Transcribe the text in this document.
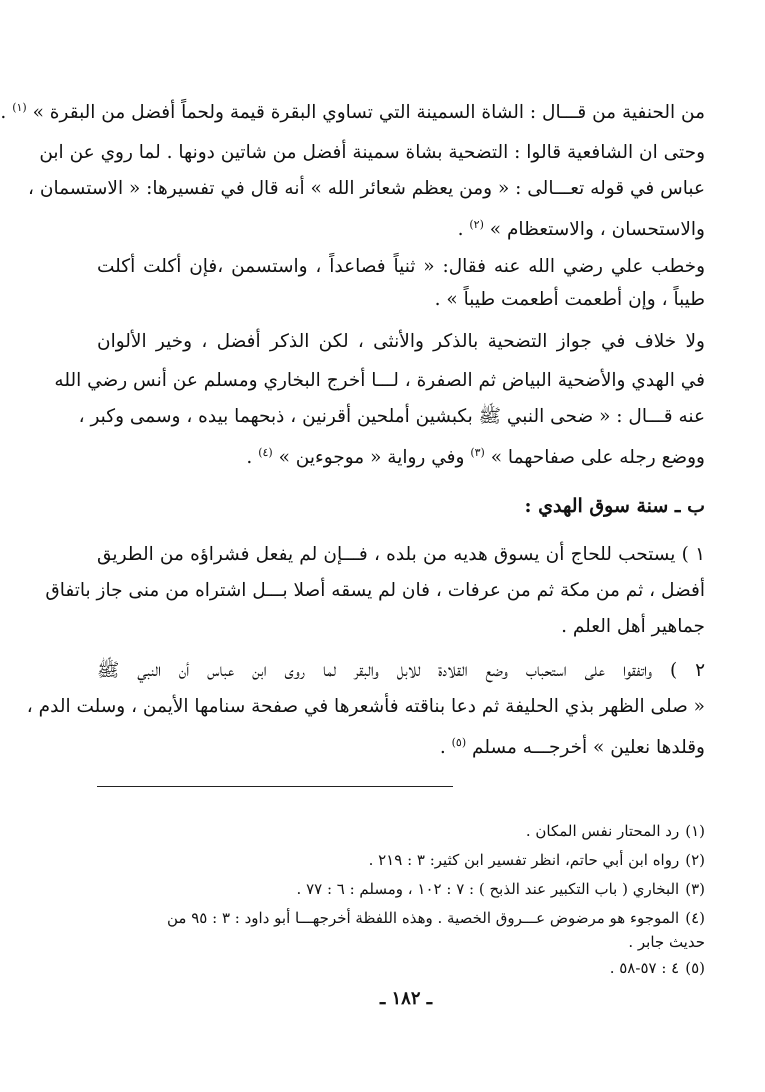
من الحنفية من قـــال : الشاة السمينة التي تساوي البقرة قيمة ولحماً أفضل من البقرة » $^{(١)}$ .
وحتى ان الشافعية قالوا : التضحية بشاة سمينة أفضل من شاتين دونها . لما روي عن ابن
عباس في قوله تعـــالى : « ومن يعظم شعائر الله » أنه قال في تفسيرها: « الاستسمان ،
والاستحسان ، والاستعظام » $^{(٢)}$ .
وخطب علي رضي الله عنه فقال: « ثنياً فصاعداً ، واستسمن ،فإن أكلت أكلت
طيباً ، وإن أطعمت أطعمت طيباً » .
ولا خلاف في جواز التضحية بالذكر والأنثى ، لكن الذكر أفضل ، وخير الألوان
في الهدي والأضحية البياض ثم الصفرة ، لـــا أخرج البخاري ومسلم عن أنس رضي الله
عنه قـــال : « ضحى النبي ﷺ بكبشين أملحين أقرنين ، ذبحهما بيده ، وسمى وكبر ،
ووضع رجله على صفاحهما » $^{(٣)}$ وفي رواية « موجوءين » $^{(٤)}$ .
ب ـ سنة سوق الهدي :
١ ) يستحب للحاج أن يسوق هديه من بلده ، فـــإن لم يفعل فشراؤه من الطريق
أفضل ، ثم من مكة ثم من عرفات ، فان لم يسقه أصلا بـــل اشتراه من منى جاز باتفاق
جماهير أهل العلم .
٢ ) واتفقوا على استحباب وضع القلادة للابل والبقر لما روى ابن عباس أن النبي ﷺ
« صلى الظهر بذي الحليفة ثم دعا بناقته فأشعرها في صفحة سنامها الأيمن ، وسلت الدم ،
وقلدها نعلين » أخرجـــه مسلم $^{(٥)}$ .
(١)رد المحتار نفس المكان .
(٢)رواه ابن أبي حاتم، انظر تفسير ابن كثير: ٣ : ٢١٩ .
(٣)البخاري ( باب التكبير عند الذبح ) : ٧ : ١٠٢ ، ومسلم : ٦ : ٧٧ .
(٤)الموجوء هو مرضوض عـــروق الخصية . وهذه اللفظة أخرجهـــا أبو داود : ٣ : ٩٥ من
حديث جابر .
(٥)٤ : ٥٧-٥٨ .
ـ ١٨٢ ـ
